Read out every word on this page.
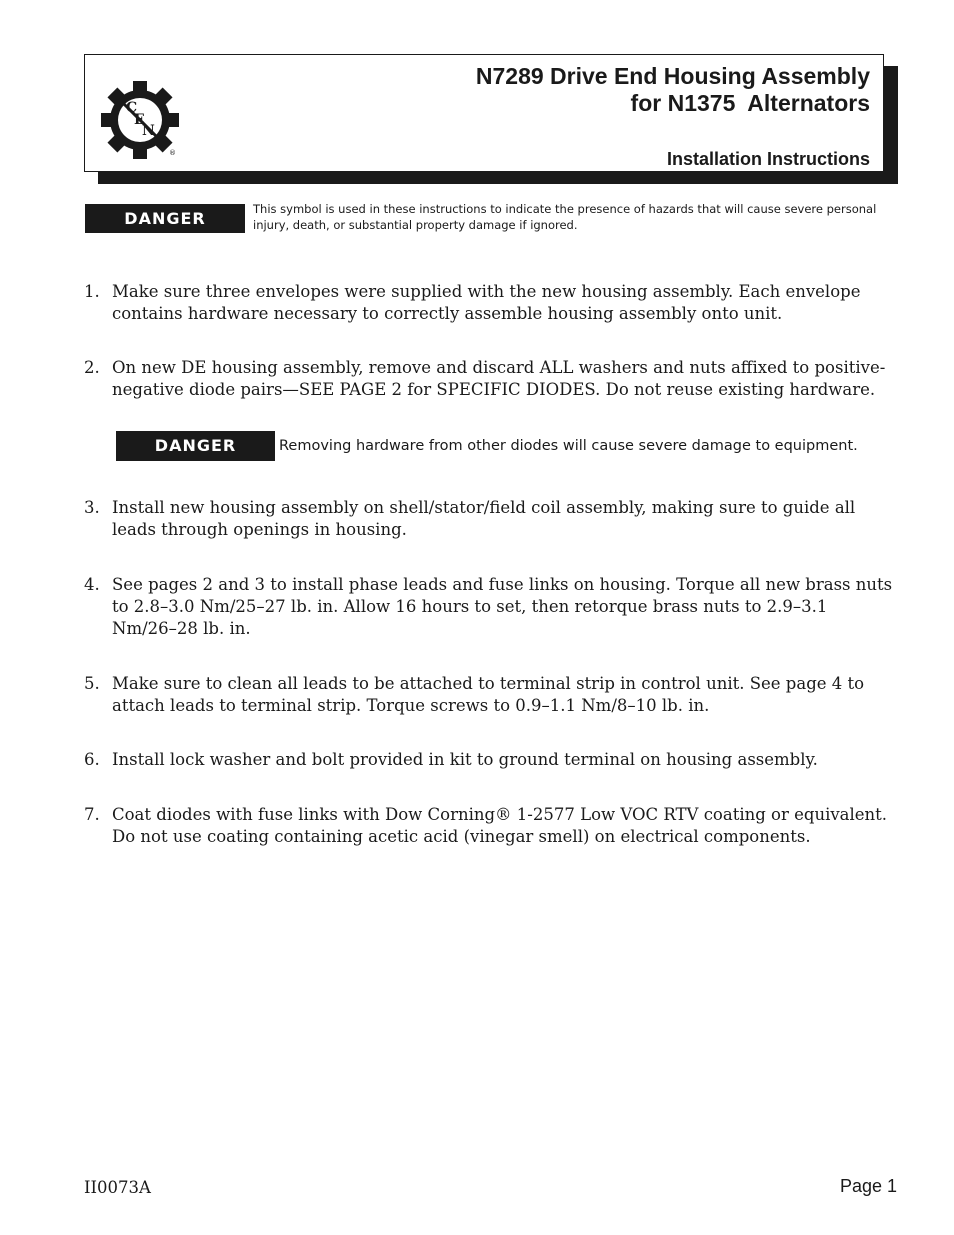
C
E
N
®
N7289 Drive End Housing Assembly
for N1375  Alternators
Installation Instructions
DANGER	This symbol is used in these instructions to indicate the presence of hazards that will cause severe personal injury, death, or substantial property damage if ignored.
1. Make sure three envelopes were supplied with the new housing assembly. Each envelope contains hardware necessary to correctly assemble housing assembly onto unit.
2. On new DE housing assembly, remove and discard ALL washers and nuts affixed to positive-negative diode pairs—SEE PAGE 2 for SPECIFIC DIODES. Do not reuse existing hardware.
DANGER	Removing hardware from other diodes will cause severe damage to equipment.
3. Install new housing assembly on shell/stator/field coil assembly, making sure to guide all leads through openings in housing.
4. See pages 2 and 3 to install phase leads and fuse links on housing. Torque all new brass nuts to 2.8–3.0 Nm/25–27 lb. in. Allow 16 hours to set, then retorque brass nuts to 2.9–3.1 Nm/26–28 lb. in.
5. Make sure to clean all leads to be attached to terminal strip in control unit. See page 4 to attach leads to terminal strip. Torque screws to 0.9–1.1 Nm/8–10 lb. in.
6. Install lock washer and bolt provided in kit to ground terminal on housing assembly.
7. Coat diodes with fuse links with Dow Corning® 1-2577 Low VOC RTV coating or equivalent. Do not use coating containing acetic acid (vinegar smell) on electrical components.
II0073A	Page 1
